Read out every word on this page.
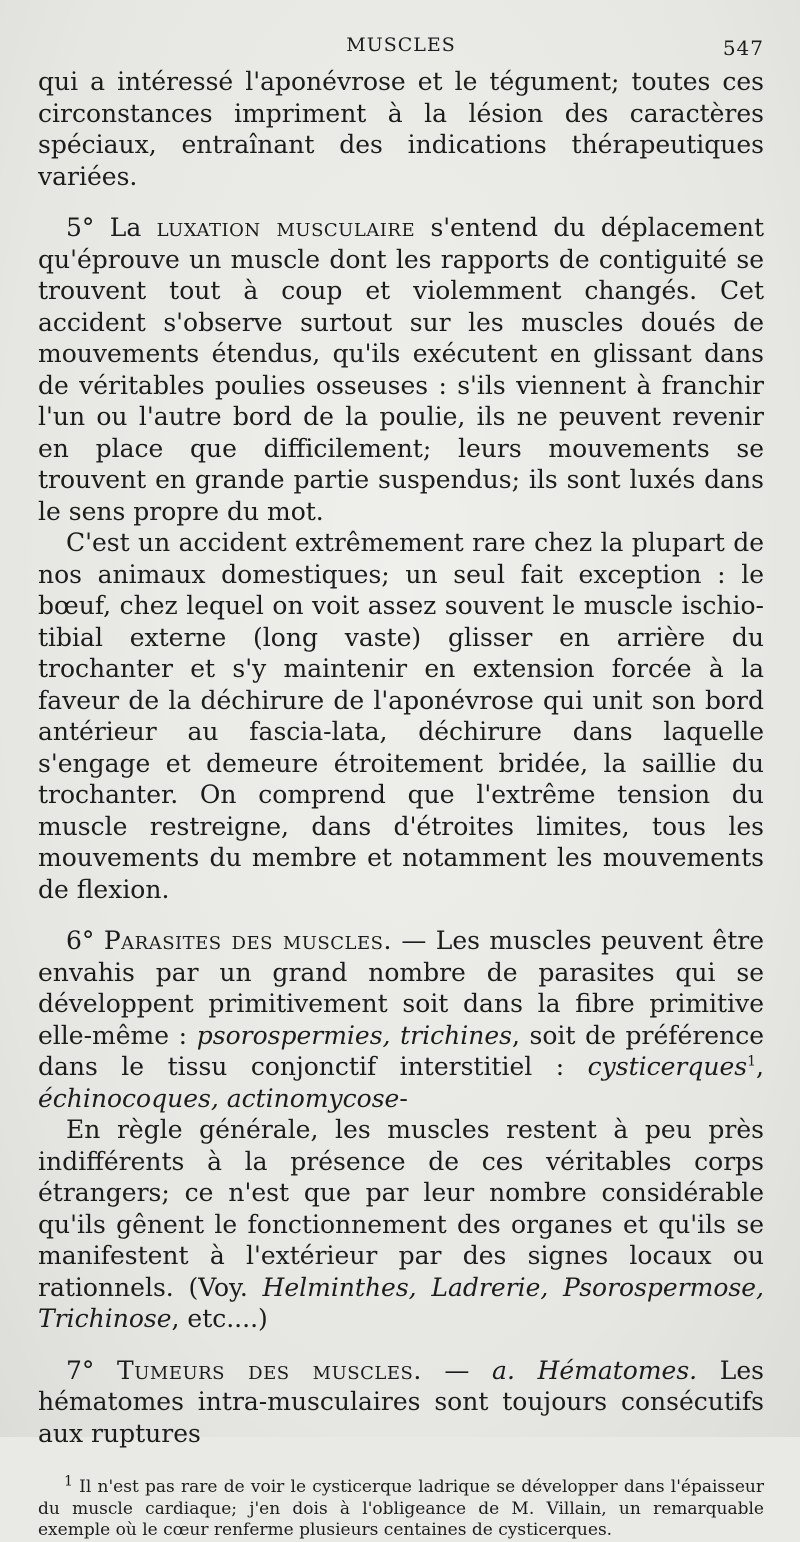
MUSCLES	547

qui a intéressé l'aponévrose et le tégument; toutes ces circonstances impriment à la lésion des caractères spéciaux, entraînant des indications thérapeutiques variées.

5° La luxation musculaire s'entend du déplacement qu'éprouve un muscle dont les rapports de contiguité se trouvent tout à coup et violemment changés. Cet accident s'observe surtout sur les muscles doués de mouvements étendus, qu'ils exécutent en glissant dans de véritables poulies osseuses : s'ils viennent à franchir l'un ou l'autre bord de la poulie, ils ne peuvent revenir en place que difficilement; leurs mouvements se trouvent en grande partie suspendus; ils sont luxés dans le sens propre du mot.

C'est un accident extrêmement rare chez la plupart de nos animaux domestiques; un seul fait exception : le bœuf, chez lequel on voit assez souvent le muscle ischio-tibial externe (long vaste) glisser en arrière du trochanter et s'y maintenir en extension forcée à la faveur de la déchirure de l'aponévrose qui unit son bord antérieur au fascia-lata, déchirure dans laquelle s'engage et demeure étroitement bridée, la saillie du trochanter. On comprend que l'extrême tension du muscle restreigne, dans d'étroites limites, tous les mouvements du membre et notamment les mouvements de flexion.

6° Parasites des muscles. — Les muscles peuvent être envahis par un grand nombre de parasites qui se développent primitivement soit dans la fibre primitive elle-même : psorospermies, trichines, soit de préférence dans le tissu conjonctif interstitiel : cysticerques$^1$, échinocoques, actinomycose-

En règle générale, les muscles restent à peu près indifférents à la présence de ces véritables corps étrangers; ce n'est que par leur nombre considérable qu'ils gênent le fonctionnement des organes et qu'ils se manifestent à l'extérieur par des signes locaux ou rationnels. (Voy. Helminthes, Ladrerie, Psorospermose, Trichinose, etc....)

7° Tumeurs des muscles. — a. Hématomes. Les hématomes intra-musculaires sont toujours consécutifs aux ruptures

$^1$ Il n'est pas rare de voir le cysticerque ladrique se développer dans l'épaisseur du muscle cardiaque; j'en dois à l'obligeance de M. Villain, un remarquable exemple où le cœur renferme plusieurs centaines de cysticerques.
